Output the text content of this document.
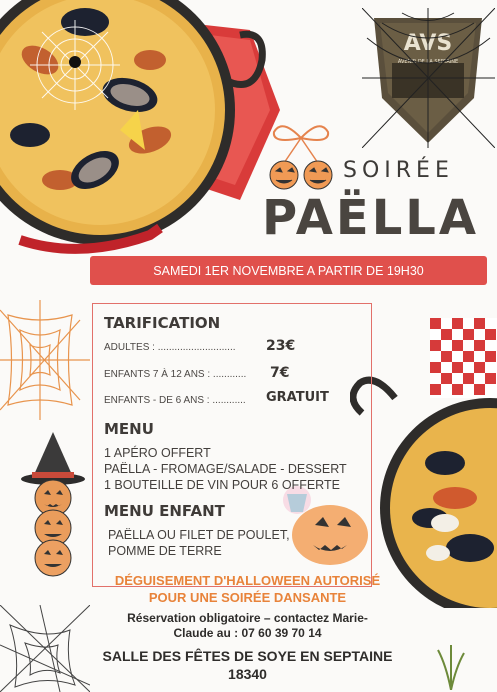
AVS
AVENIR DE LA SEPTAINE
SOIRÉE
PAËLLA
SAMEDI 1ER NOVEMBRE A PARTIR DE 19H30
TARIFICATION
ADULTES : ............................ 23€
ENFANTS 7 À 12 ANS : ............ 7€
ENFANTS - DE 6 ANS : ............ GRATUIT
MENU
1 APÉRO OFFERT
PAËLLA - FROMAGE/SALADE - DESSERT
1 BOUTEILLE DE VIN POUR 6 OFFERTE
MENU ENFANT
PAËLLA OU FILET DE POULET,
POMME DE TERRE
DÉGUISEMENT D'HALLOWEEN AUTORISÉ
POUR UNE SOIRÉE DANSANTE
Réservation obligatoire – contactez Marie-
Claude au : 07 60 39 70 14
SALLE DES FÊTES DE SOYE EN SEPTAINE
18340
